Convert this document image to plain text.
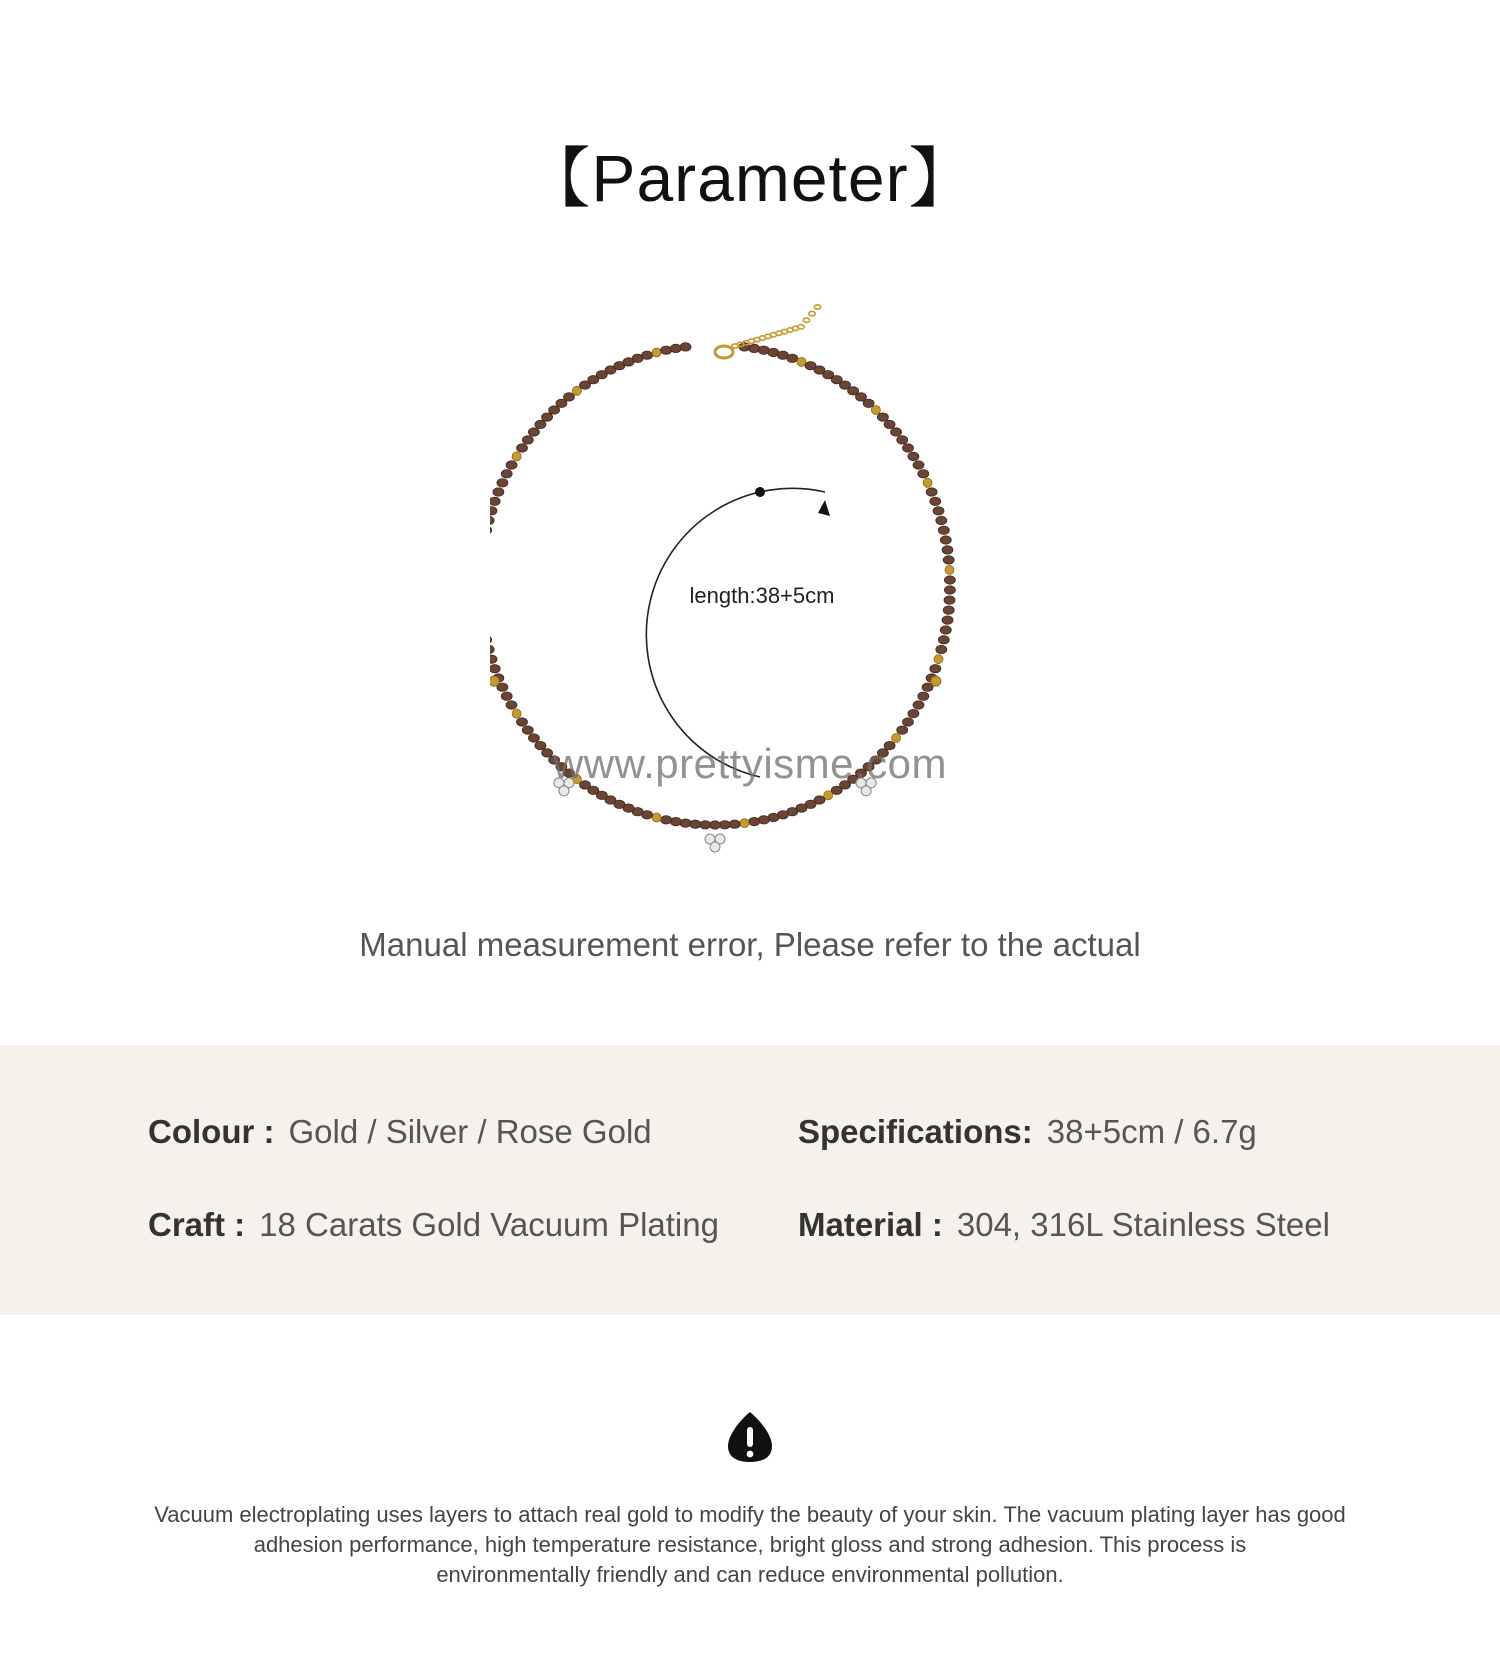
【Parameter】
length:38+5cm
www.prettyisme.com
Manual measurement error, Please refer to the actual
Colour : Gold / Silver / Rose Gold	Specifications: 38+5cm / 6.7g
Craft : 18 Carats Gold Vacuum Plating Material : 304, 316L Stainless Steel

Vacuum electroplating uses layers to attach real gold to modify the beauty of your skin. The vacuum plating layer has good

adhesion performance, high temperature resistance, bright gloss and strong adhesion. This process is

environmentally friendly and can reduce environmental pollution.
